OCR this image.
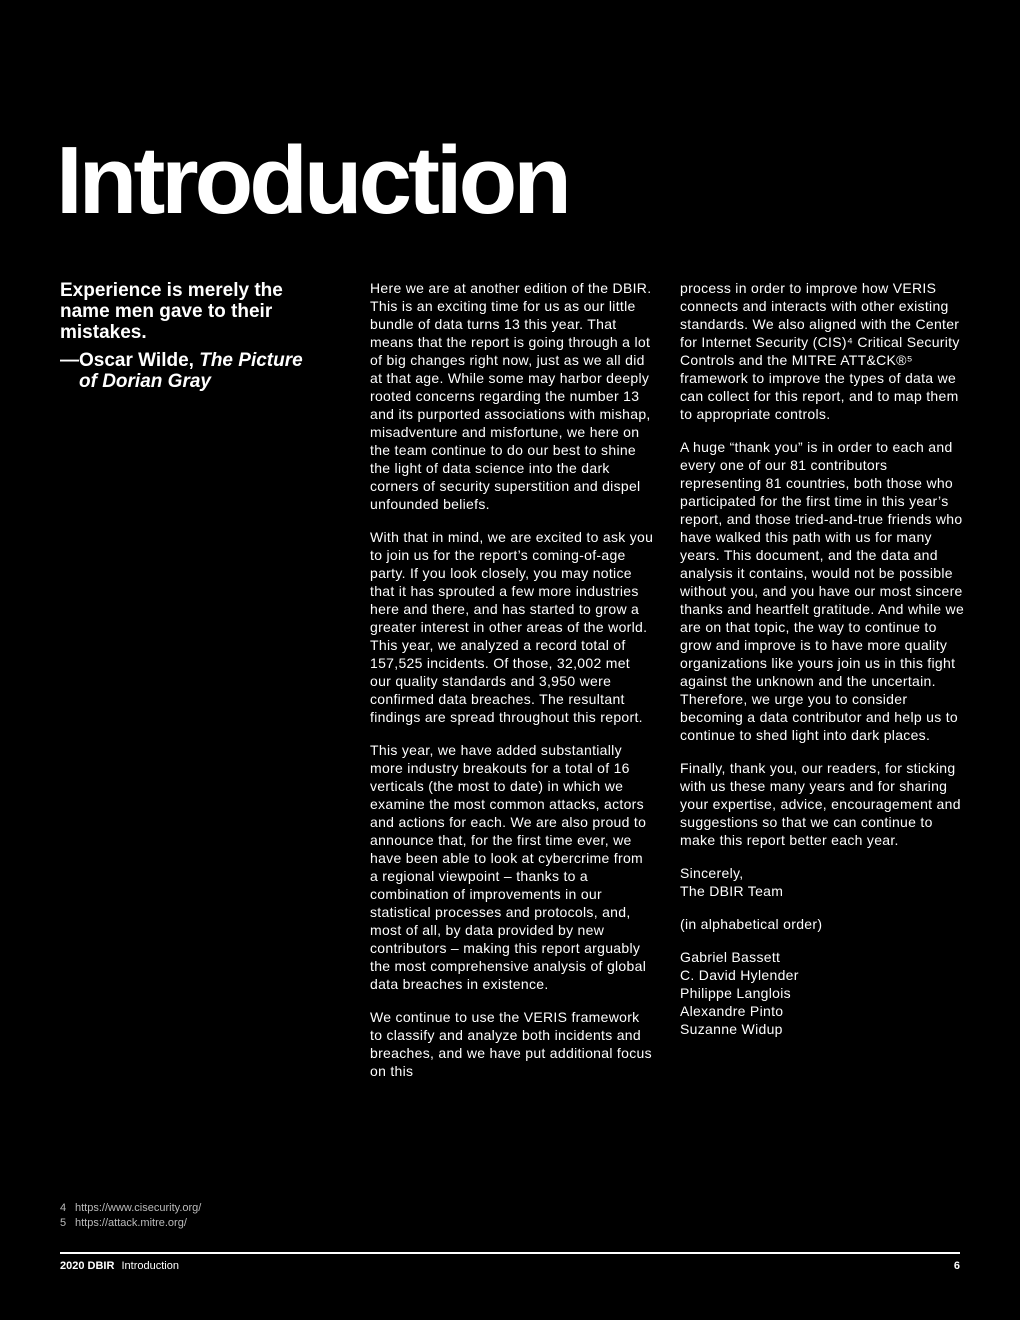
Introduction

Experience is merely the name men gave to their mistakes.

— Oscar Wilde, The Picture of Dorian Gray

Here we are at another edition of the DBIR. This is an exciting time for us as our little bundle of data turns 13 this year. That means that the report is going through a lot of big changes right now, just as we all did at that age. While some may harbor deeply rooted concerns regarding the number 13 and its purported associations with mishap, misadventure and misfortune, we here on the team continue to do our best to shine the light of data science into the dark corners of security superstition and dispel unfounded beliefs.

With that in mind, we are excited to ask you to join us for the report’s coming-of-age party. If you look closely, you may notice that it has sprouted a few more industries here and there, and has started to grow a greater interest in other areas of the world. This year, we analyzed a record total of 157,525 incidents. Of those, 32,002 met our quality standards and 3,950 were confirmed data breaches. The resultant findings are spread throughout this report.

This year, we have added substantially more industry breakouts for a total of 16 verticals (the most to date) in which we examine the most common attacks, actors and actions for each. We are also proud to announce that, for the first time ever, we have been able to look at cybercrime from a regional viewpoint – thanks to a combination of improvements in our statistical processes and protocols, and, most of all, by data provided by new contributors – making this report arguably the most comprehensive analysis of global data breaches in existence.

We continue to use the VERIS framework to classify and analyze both incidents and breaches, and we have put additional focus on this

process in order to improve how VERIS connects and interacts with other existing standards. We also aligned with the Center for Internet Security (CIS)⁴ Critical Security Controls and the MITRE ATT&CK®⁵ framework to improve the types of data we can collect for this report, and to map them to appropriate controls.

A huge “thank you” is in order to each and every one of our 81 contributors representing 81 countries, both those who participated for the first time in this year’s report, and those tried-and-true friends who have walked this path with us for many years. This document, and the data and analysis it contains, would not be possible without you, and you have our most sincere thanks and heartfelt gratitude. And while we are on that topic, the way to continue to grow and improve is to have more quality organizations like yours join us in this fight against the unknown and the uncertain. Therefore, we urge you to consider becoming a data contributor and help us to continue to shed light into dark places.

Finally, thank you, our readers, for sticking with us these many years and for sharing your expertise, advice, encouragement and suggestions so that we can continue to make this report better each year.

Sincerely,
The DBIR Team

(in alphabetical order)

Gabriel Bassett

C. David Hylender

Philippe Langlois

Alexandre Pinto

Suzanne Widup

4 https://www.cisecurity.org/
5 https://attack.mitre.org/
2020 DBIR Introduction	6
